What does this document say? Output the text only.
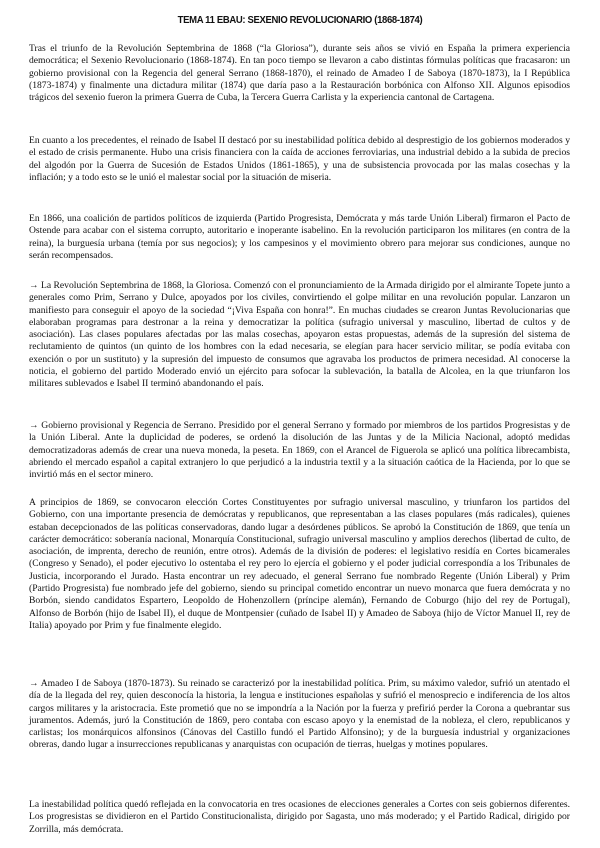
TEMA 11 EBAU: SEXENIO REVOLUCIONARIO (1868-1874)
Tras el triunfo de la Revolución Septembrina de 1868 (“la Gloriosa”), durante seis años se vivió en España la primera experiencia democrática; el Sexenio Revolucionario (1868-1874). En tan poco tiempo se llevaron a cabo distintas fórmulas políticas que fracasaron: un gobierno provisional con la Regencia del general Serrano (1868-1870), el reinado de Amadeo I de Saboya (1870-1873), la I República (1873-1874) y finalmente una dictadura militar (1874) que daría paso a la Restauración borbónica con Alfonso XII. Algunos episodios trágicos del sexenio fueron la primera Guerra de Cuba, la Tercera Guerra Carlista y la experiencia cantonal de Cartagena.
En cuanto a los precedentes, el reinado de Isabel II destacó por su inestabilidad política debido al desprestigio de los gobiernos moderados y el estado de crisis permanente. Hubo una crisis financiera con la caída de acciones ferroviarias, una industrial debido a la subida de precios del algodón por la Guerra de Sucesión de Estados Unidos (1861-1865), y una de subsistencia provocada por las malas cosechas y la inflación; y a todo esto se le unió el malestar social por la situación de miseria.
En 1866, una coalición de partidos políticos de izquierda (Partido Progresista, Demócrata y más tarde Unión Liberal) firmaron el Pacto de Ostende para acabar con el sistema corrupto, autoritario e inoperante isabelino. En la revolución participaron los militares (en contra de la reina), la burguesía urbana (temía por sus negocios); y los campesinos y el movimiento obrero para mejorar sus condiciones, aunque no serán recompensados.
→ La Revolución Septembrina de 1868, la Gloriosa. Comenzó con el pronunciamiento de la Armada dirigido por el almirante Topete junto a generales como Prim, Serrano y Dulce, apoyados por los civiles, convirtiendo el golpe militar en una revolución popular. Lanzaron un manifiesto para conseguir el apoyo de la sociedad “¡Viva España con honra!”. En muchas ciudades se crearon Juntas Revolucionarias que elaboraban programas para destronar a la reina y democratizar la política (sufragio universal y masculino, libertad de cultos y de asociación). Las clases populares afectadas por las malas cosechas, apoyaron estas propuestas, además de la supresión del sistema de reclutamiento de quintos (un quinto de los hombres con la edad necesaria, se elegían para hacer servicio militar, se podía evitaba con exención o por un sustituto) y la supresión del impuesto de consumos que agravaba los productos de primera necesidad. Al conocerse la noticia, el gobierno del partido Moderado envió un ejército para sofocar la sublevación, la batalla de Alcolea, en la que triunfaron los militares sublevados e Isabel II terminó abandonando el país.
→ Gobierno provisional y Regencia de Serrano. Presidido por el general Serrano y formado por miembros de los partidos Progresistas y de la Unión Liberal. Ante la duplicidad de poderes, se ordenó la disolución de las Juntas y de la Milicia Nacional, adoptó medidas democratizadoras además de crear una nueva moneda, la peseta. En 1869, con el Arancel de Figuerola se aplicó una política librecambista, abriendo el mercado español a capital extranjero lo que perjudicó a la industria textil y a la situación caótica de la Hacienda, por lo que se invirtió más en el sector minero.
A principios de 1869, se convocaron elección Cortes Constituyentes por sufragio universal masculino, y triunfaron los partidos del Gobierno, con una importante presencia de demócratas y republicanos, que representaban a las clases populares (más radicales), quienes estaban decepcionados de las políticas conservadoras, dando lugar a desórdenes públicos. Se aprobó la Constitución de 1869, que tenía un carácter democrático: soberanía nacional, Monarquía Constitucional, sufragio universal masculino y amplios derechos (libertad de culto, de asociación, de imprenta, derecho de reunión, entre otros). Además de la división de poderes: el legislativo residía en Cortes bicamerales (Congreso y Senado), el poder ejecutivo lo ostentaba el rey pero lo ejercía el gobierno y el poder judicial correspondía a los Tribunales de Justicia, incorporando el Jurado. Hasta encontrar un rey adecuado, el general Serrano fue nombrado Regente (Unión Liberal) y Prim (Partido Progresista) fue nombrado jefe del gobierno, siendo su principal cometido encontrar un nuevo monarca que fuera demócrata y no Borbón, siendo candidatos Espartero, Leopoldo de Hohenzollern (príncipe alemán), Fernando de Coburgo (hijo del rey de Portugal), Alfonso de Borbón (hijo de Isabel II), el duque de Montpensier (cuñado de Isabel II) y Amadeo de Saboya (hijo de Víctor Manuel II, rey de Italia) apoyado por Prim y fue finalmente elegido.
→ Amadeo I de Saboya (1870-1873). Su reinado se caracterizó por la inestabilidad política. Prim, su máximo valedor, sufrió un atentado el día de la llegada del rey, quien desconocía la historia, la lengua e instituciones españolas y sufrió el menosprecio e indiferencia de los altos cargos militares y la aristocracia. Este prometió que no se impondría a la Nación por la fuerza y prefirió perder la Corona a quebrantar sus juramentos. Además, juró la Constitución de 1869, pero contaba con escaso apoyo y la enemistad de la nobleza, el clero, republicanos y carlistas; los monárquicos alfonsinos (Cánovas del Castillo fundó el Partido Alfonsino); y de la burguesía industrial y organizaciones obreras, dando lugar a insurrecciones republicanas y anarquistas con ocupación de tierras, huelgas y motines populares.
La inestabilidad política quedó reflejada en la convocatoria en tres ocasiones de elecciones generales a Cortes con seis gobiernos diferentes. Los progresistas se dividieron en el Partido Constitucionalista, dirigido por Sagasta, uno más moderado; y el Partido Radical, dirigido por Zorrilla, más demócrata.
